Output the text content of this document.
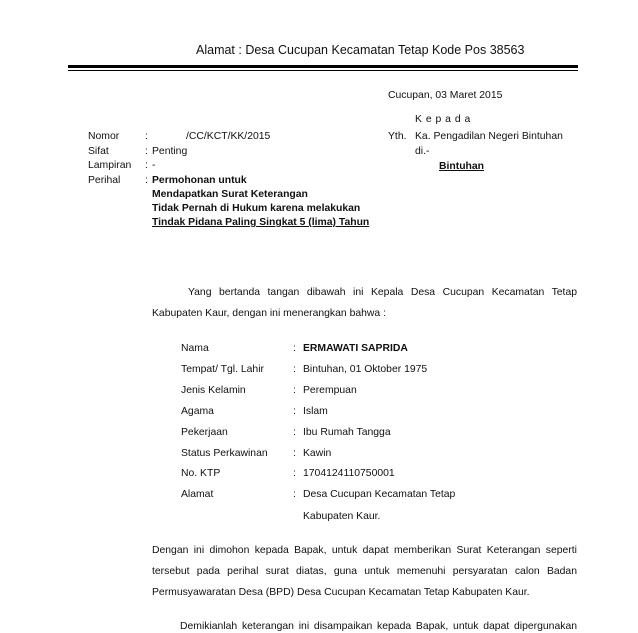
Alamat : Desa Cucupan Kecamatan Tetap Kode Pos 38563
Cucupan, 03 Maret 2015
K e p a d a
Yth. Ka. Pengadilan Negeri Bintuhan
di.-
Bintuhan
Nomor :	/CC/KCT/KK/2015
Sifat	: Penting
Lampiran : -
Perihal : Permohonan untuk
Mendapatkan Surat Keterangan
Tidak Pernah di Hukum karena melakukan
Tindak Pidana Paling Singkat 5 (lima) Tahun
Yang bertanda tangan dibawah ini Kepala Desa Cucupan Kecamatan Tetap
Kabupaten Kaur, dengan ini menerangkan bahwa :
Nama	: ERMAWATI SAPRIDA
Tempat/ Tgl. Lahir	: Bintuhan, 01 Oktober 1975
Jenis Kelamin	: Perempuan
Agama	: Islam
Pekerjaan	: Ibu Rumah Tangga
Status Perkawinan : Kawin
No. KTP	: 1704124110750001
Alamat	: Desa Cucupan Kecamatan Tetap
Kabupaten Kaur.
Dengan ini dimohon kepada Bapak, untuk dapat memberikan Surat Keterangan seperti
tersebut pada perihal surat diatas, guna untuk memenuhi persyaratan calon Badan
Permusyawaratan Desa (BPD) Desa Cucupan Kecamatan Tetap Kabupaten Kaur.
Demikianlah keterangan ini disampaikan kepada Bapak, untuk dapat dipergunakan
